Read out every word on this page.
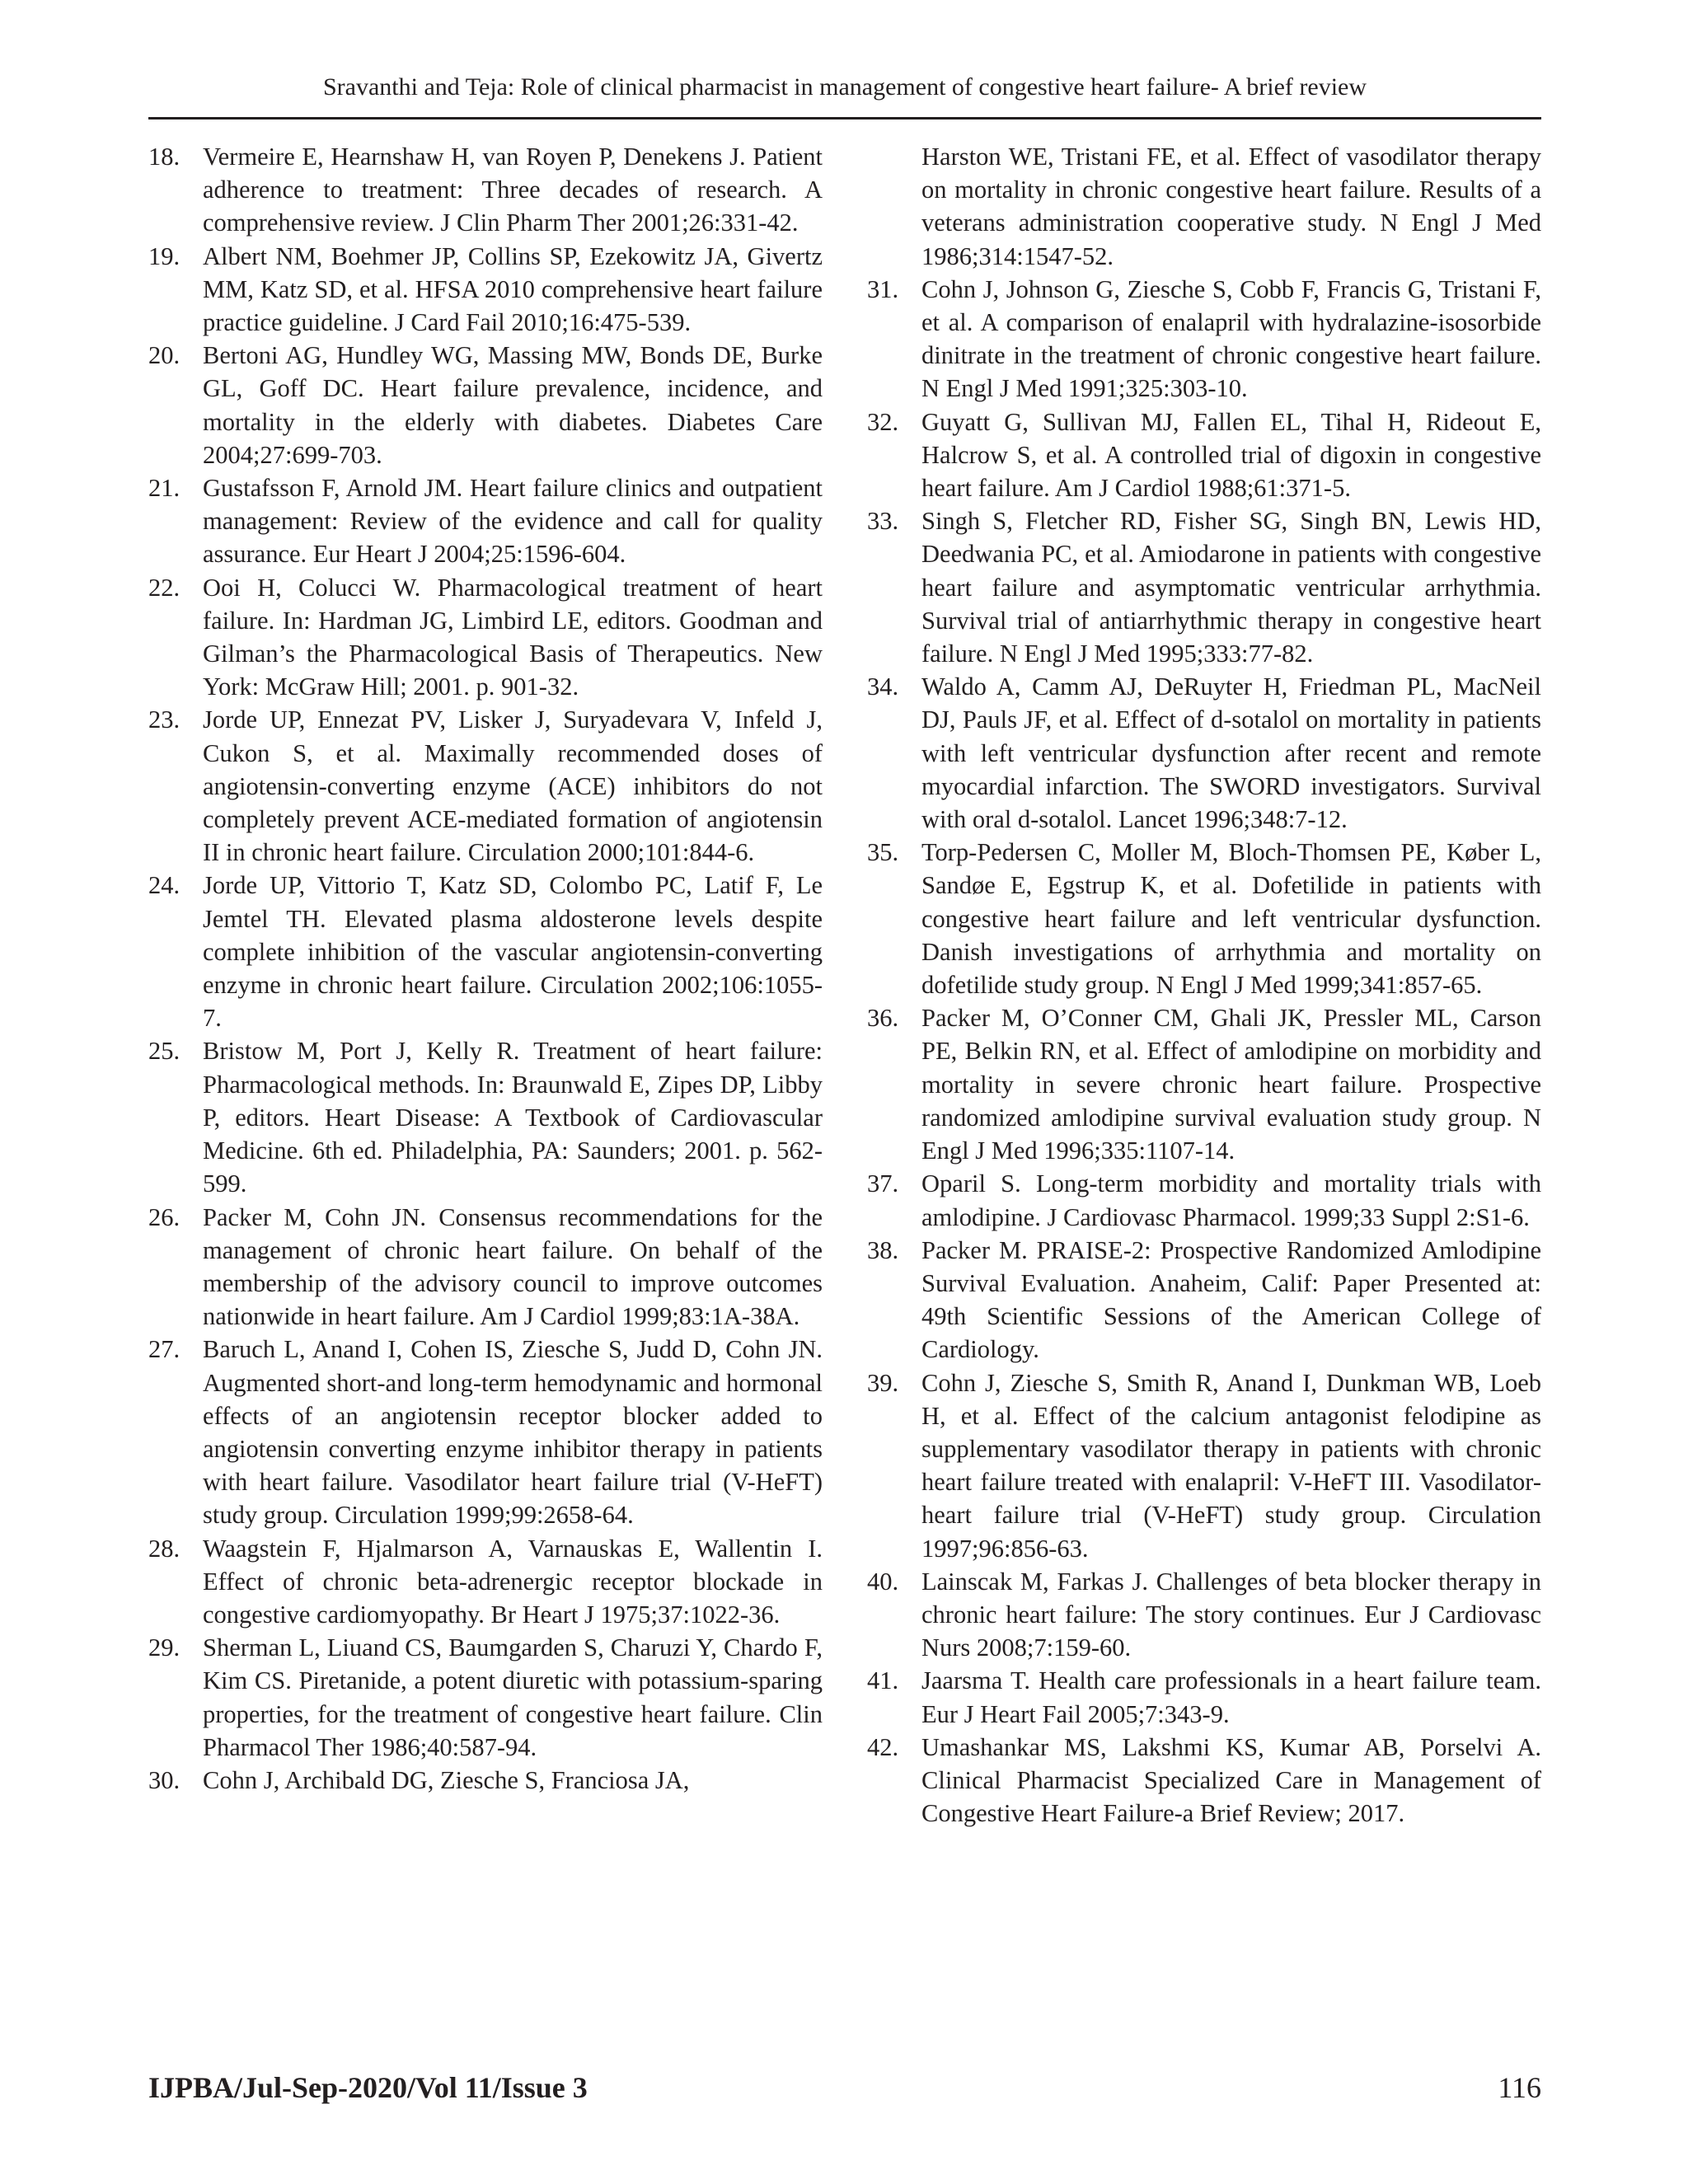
Sravanthi and Teja: Role of clinical pharmacist in management of congestive heart failure- A brief review
18. Vermeire E, Hearnshaw H, van Royen P, Denekens J. Patient adherence to treatment: Three decades of research. A comprehensive review. J Clin Pharm Ther 2001;26:331-42.
19. Albert NM, Boehmer JP, Collins SP, Ezekowitz JA, Givertz MM, Katz SD, et al. HFSA 2010 comprehensive heart failure practice guideline. J Card Fail 2010;16:475-539.
20. Bertoni AG, Hundley WG, Massing MW, Bonds DE, Burke GL, Goff DC. Heart failure prevalence, incidence, and mortality in the elderly with diabetes. Diabetes Care 2004;27:699-703.
21. Gustafsson F, Arnold JM. Heart failure clinics and outpatient management: Review of the evidence and call for quality assurance. Eur Heart J 2004;25:1596-604.
22. Ooi H, Colucci W. Pharmacological treatment of heart failure. In: Hardman JG, Limbird LE, editors. Goodman and Gilman’s the Pharmacological Basis of Therapeutics. New York: McGraw Hill; 2001. p. 901-32.
23. Jorde UP, Ennezat PV, Lisker J, Suryadevara V, Infeld J, Cukon S, et al. Maximally recommended doses of angiotensin-converting enzyme (ACE) inhibitors do not completely prevent ACE-mediated formation of angiotensin II in chronic heart failure. Circulation 2000;101:844-6.
24. Jorde UP, Vittorio T, Katz SD, Colombo PC, Latif F, Le Jemtel TH. Elevated plasma aldosterone levels despite complete inhibition of the vascular angiotensin-converting enzyme in chronic heart failure. Circulation 2002;106:1055-7.
25. Bristow M, Port J, Kelly R. Treatment of heart failure: Pharmacological methods. In: Braunwald E, Zipes DP, Libby P, editors. Heart Disease: A Textbook of Cardiovascular Medicine. 6th ed. Philadelphia, PA: Saunders; 2001. p. 562-599.
26. Packer M, Cohn JN. Consensus recommendations for the management of chronic heart failure. On behalf of the membership of the advisory council to improve outcomes nationwide in heart failure. Am J Cardiol 1999;83:1A-38A.
27. Baruch L, Anand I, Cohen IS, Ziesche S, Judd D, Cohn JN. Augmented short-and long-term hemodynamic and hormonal effects of an angiotensin receptor blocker added to angiotensin converting enzyme inhibitor therapy in patients with heart failure. Vasodilator heart failure trial (V-HeFT) study group. Circulation 1999;99:2658-64.
28. Waagstein F, Hjalmarson A, Varnauskas E, Wallentin I. Effect of chronic beta-adrenergic receptor blockade in congestive cardiomyopathy. Br Heart J 1975;37:1022-36.
29. Sherman L, Liuand CS, Baumgarden S, Charuzi Y, Chardo F, Kim CS. Piretanide, a potent diuretic with potassium-sparing properties, for the treatment of congestive heart failure. Clin Pharmacol Ther 1986;40:587-94.
30. Cohn J, Archibald DG, Ziesche S, Franciosa JA,
Harston WE, Tristani FE, et al. Effect of vasodilator therapy on mortality in chronic congestive heart failure. Results of a veterans administration cooperative study. N Engl J Med 1986;314:1547-52.
31. Cohn J, Johnson G, Ziesche S, Cobb F, Francis G, Tristani F, et al. A comparison of enalapril with hydralazine-isosorbide dinitrate in the treatment of chronic congestive heart failure. N Engl J Med 1991;325:303-10.
32. Guyatt G, Sullivan MJ, Fallen EL, Tihal H, Rideout E, Halcrow S, et al. A controlled trial of digoxin in congestive heart failure. Am J Cardiol 1988;61:371-5.
33. Singh S, Fletcher RD, Fisher SG, Singh BN, Lewis HD, Deedwania PC, et al. Amiodarone in patients with congestive heart failure and asymptomatic ventricular arrhythmia. Survival trial of antiarrhythmic therapy in congestive heart failure. N Engl J Med 1995;333:77-82.
34. Waldo A, Camm AJ, DeRuyter H, Friedman PL, MacNeil DJ, Pauls JF, et al. Effect of d-sotalol on mortality in patients with left ventricular dysfunction after recent and remote myocardial infarction. The SWORD investigators. Survival with oral d-sotalol. Lancet 1996;348:7-12.
35. Torp-Pedersen C, Moller M, Bloch-Thomsen PE, Køber L, Sandøe E, Egstrup K, et al. Dofetilide in patients with congestive heart failure and left ventricular dysfunction. Danish investigations of arrhythmia and mortality on dofetilide study group. N Engl J Med 1999;341:857-65.
36. Packer M, O’Conner CM, Ghali JK, Pressler ML, Carson PE, Belkin RN, et al. Effect of amlodipine on morbidity and mortality in severe chronic heart failure. Prospective randomized amlodipine survival evaluation study group. N Engl J Med 1996;335:1107-14.
37. Oparil S. Long-term morbidity and mortality trials with amlodipine. J Cardiovasc Pharmacol. 1999;33 Suppl 2:S1-6.
38. Packer M. PRAISE-2: Prospective Randomized Amlodipine Survival Evaluation. Anaheim, Calif: Paper Presented at: 49th Scientific Sessions of the American College of Cardiology.
39. Cohn J, Ziesche S, Smith R, Anand I, Dunkman WB, Loeb H, et al. Effect of the calcium antagonist felodipine as supplementary vasodilator therapy in patients with chronic heart failure treated with enalapril: V-HeFT III. Vasodilator-heart failure trial (V-HeFT) study group. Circulation 1997;96:856-63.
40. Lainscak M, Farkas J. Challenges of beta blocker therapy in chronic heart failure: The story continues. Eur J Cardiovasc Nurs 2008;7:159-60.
41. Jaarsma T. Health care professionals in a heart failure team. Eur J Heart Fail 2005;7:343-9.
42. Umashankar MS, Lakshmi KS, Kumar AB, Porselvi A. Clinical Pharmacist Specialized Care in Management of Congestive Heart Failure-a Brief Review; 2017.
IJPBA/Jul-Sep-2020/Vol 11/Issue 3	116
